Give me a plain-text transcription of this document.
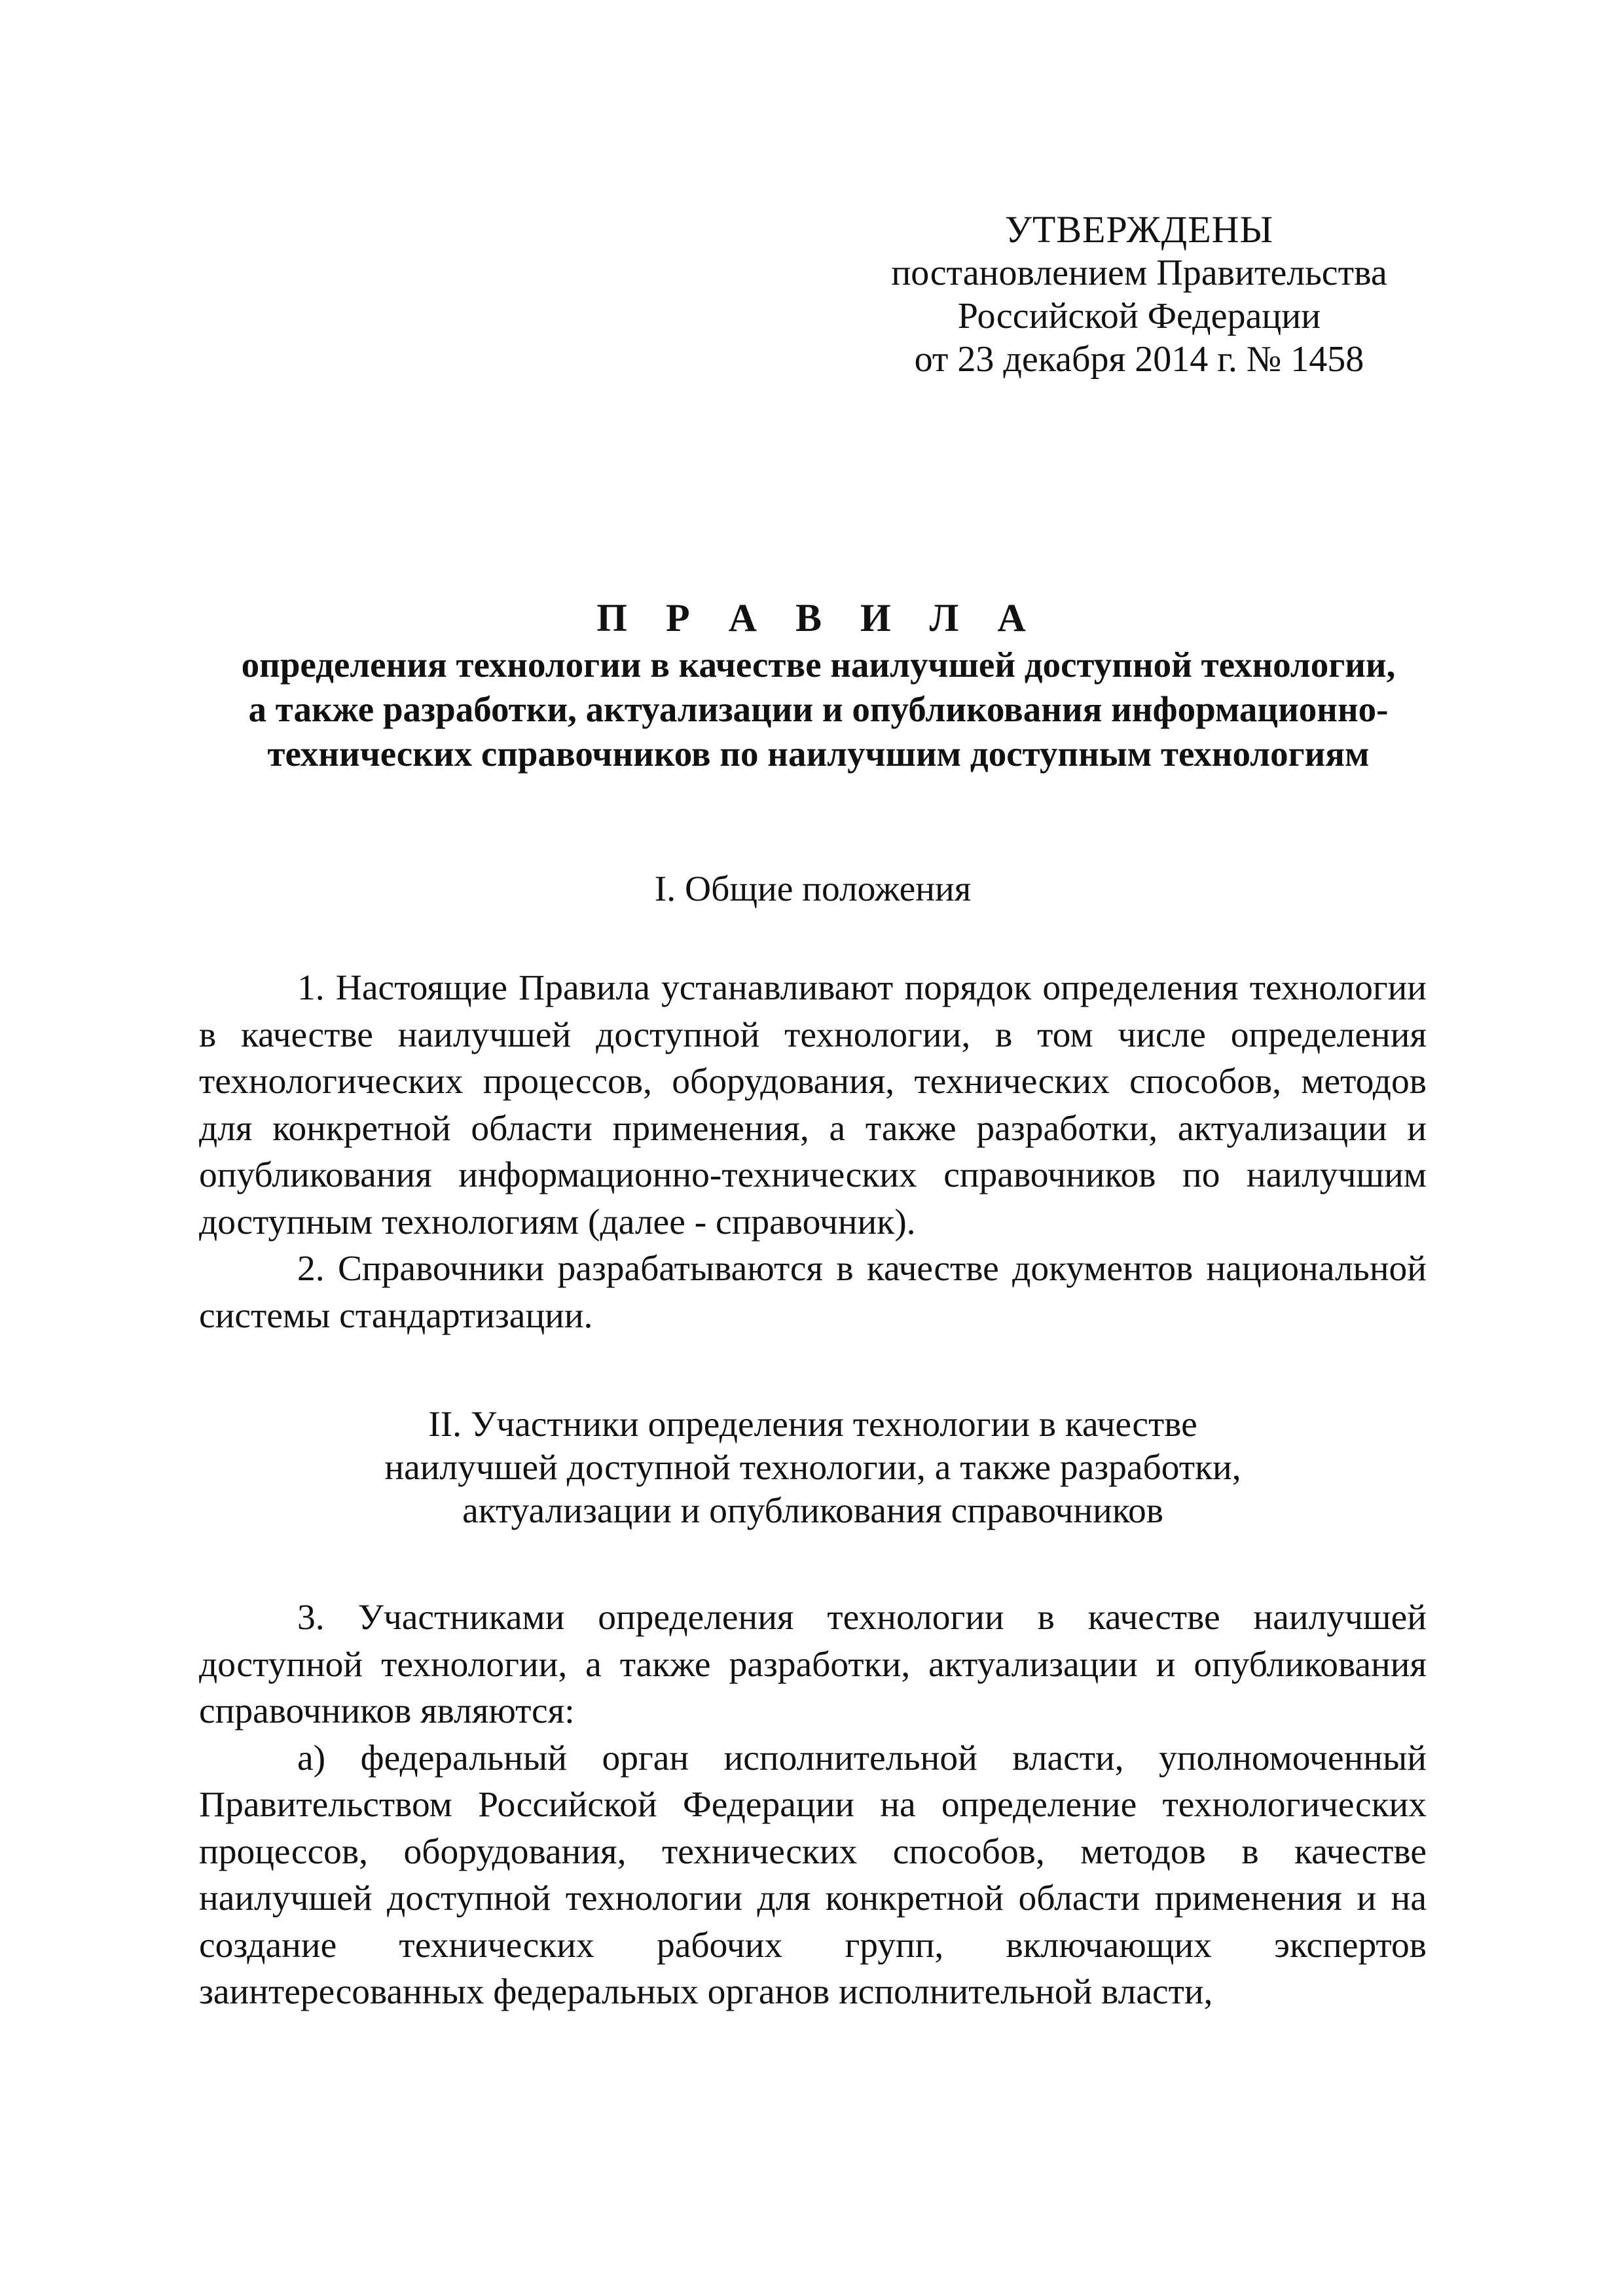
УТВЕРЖДЕНЫ
постановлением Правительства
Российской Федерации
от 23 декабря 2014 г. № 1458
П Р А В И Л А
определения технологии в качестве наилучшей доступной технологии,
а также разработки, актуализации и опубликования информационно-
технических справочников по наилучшим доступным технологиям
I. Общие положения

1. Настоящие Правила устанавливают порядок определения технологии в качестве наилучшей доступной технологии, в том числе определения технологических процессов, оборудования, технических способов, методов для конкретной области применения, а также разработки, актуализации и опубликования информационно-технических справочников по наилучшим доступным технологиям (далее - справочник).

2. Справочники разрабатываются в качестве документов национальной системы стандартизации.

II. Участники определения технологии в качестве
наилучшей доступной технологии, а также разработки,
актуализации и опубликования справочников

3. Участниками определения технологии в качестве наилучшей доступной технологии, а также разработки, актуализации и опубликования справочников являются:

а) федеральный орган исполнительной власти, уполномоченный Правительством Российской Федерации на определение технологических процессов, оборудования, технических способов, методов в качестве наилучшей доступной технологии для конкретной области применения и на создание технических рабочих групп, включающих экспертов заинтересованных федеральных органов исполнительной власти,
